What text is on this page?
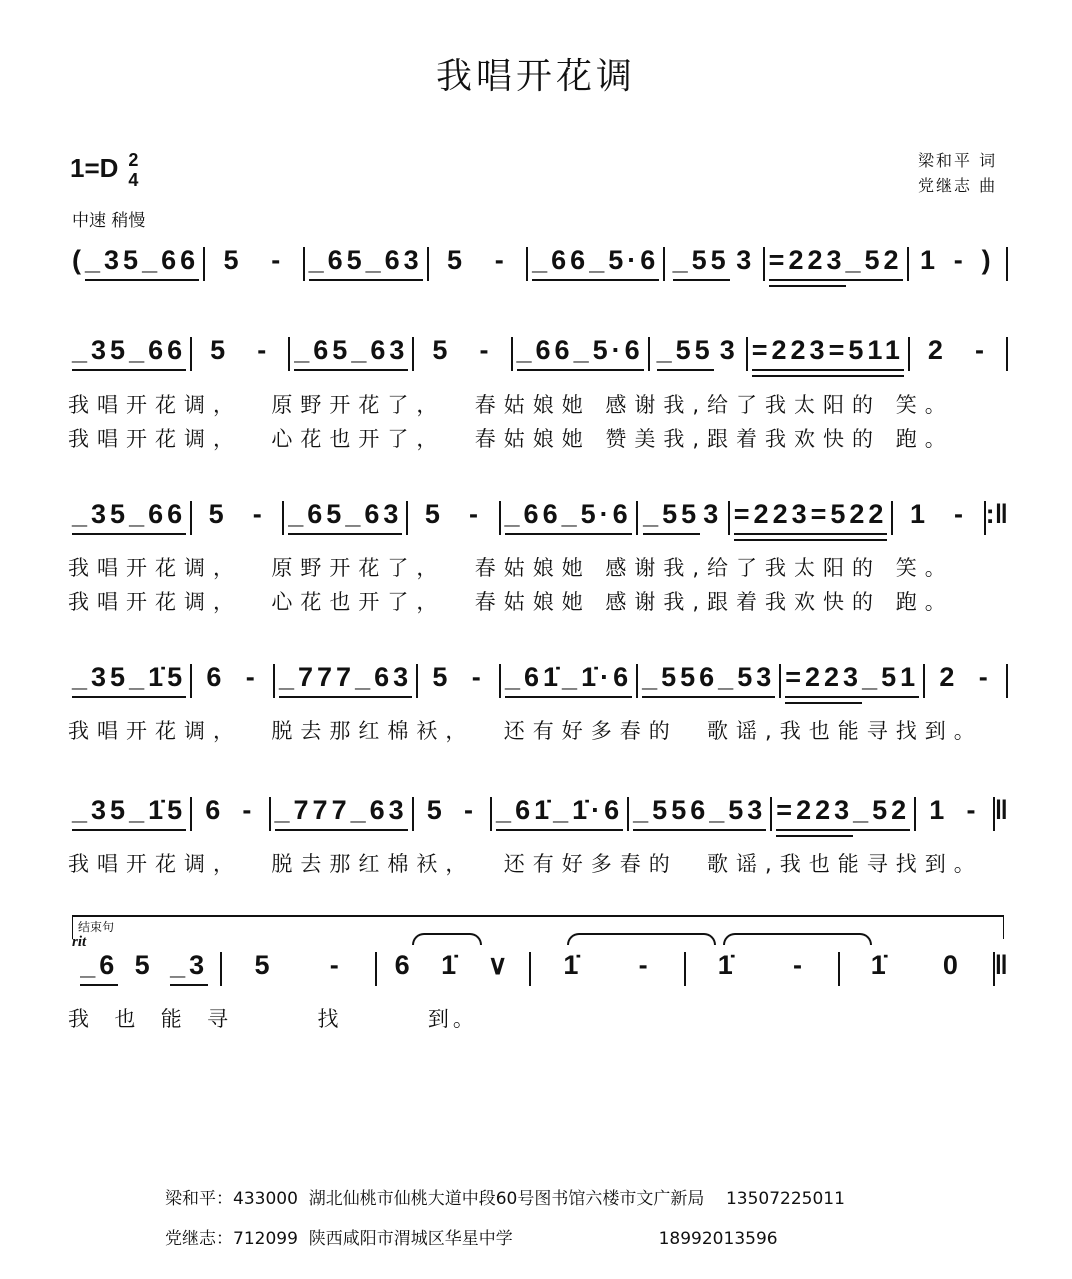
我唱开花调
1=D 2
4
中速 稍慢
梁和平 词
党继志 曲
( _35 _66 5 - _65 _63 5 - _66 _5·6 _55 3 =223 _52 1 - )
_35 _66 5 - _65 _63 5 - _66 _5·6 _55 3 =223 =511 2 -
_35 _66 5 - _65 _63 5 - _66 _5·6 _55 3 =223 =522 1 - :‖
_35 _1̇5 6 - _777 _63 5 - _61̇ _1̇·6 _556 _53 =223 _51 2 -
_35 _1̇5 6 - _777 _63 5 - _61̇ _1̇·6 _556 _53 =223 _52 1 - ‖
我唱开花调，  原野开花了，  春姑娘她 感谢我,给了我太阳的 笑。
我唱开花调，  心花也开了，  春姑娘她 赞美我,跟着我欢快的 跑。
我唱开花调，  原野开花了，  春姑娘她 感谢我,给了我太阳的 笑。
我唱开花调，  心花也开了，  春姑娘她 感谢我,跟着我欢快的 跑。
我唱开花调，  脱去那红棉袄，  还有好多春的  歌谣,我也能寻找到。
我唱开花调，  脱去那红棉袄，  还有好多春的  歌谣,我也能寻找到。
结束句
rit
_6 5 _3 5 - 6 1̇ ∨ 1̇ - 1̇ - 1̇ 0 ‖
我  也  能  寻        找        到。
梁和平：433000  湖北仙桃市仙桃大道中段60号图书馆六楼市文广新局    13507225011
党继志：712099  陕西咸阳市渭城区华星中学                           18992013596
